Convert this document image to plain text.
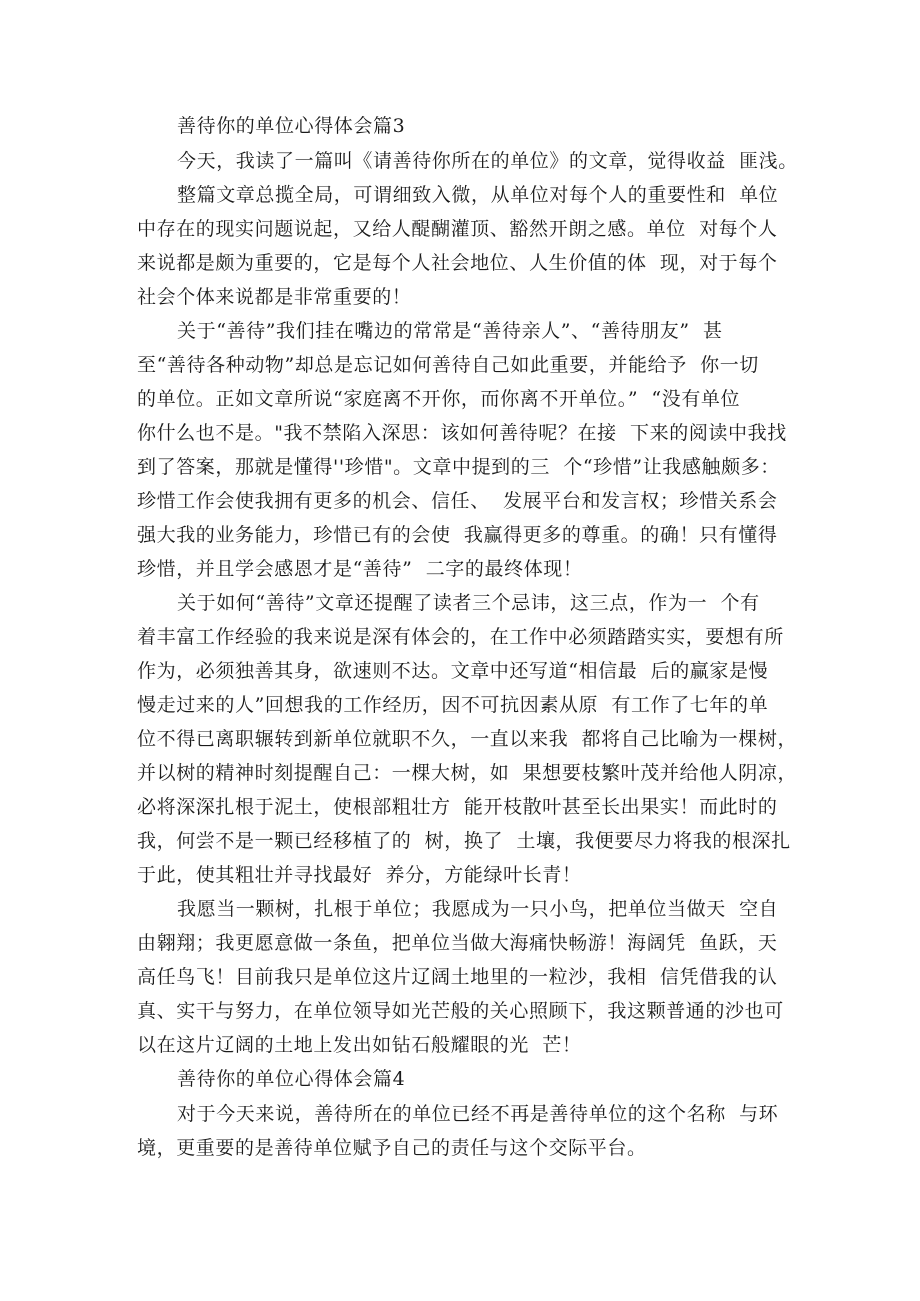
善待你的单位心得体会篇3
今天，我读了一篇叫《请善待你所在的单位》的文章，觉得收益  匪浅。
整篇文章总揽全局，可谓细致入微，从单位对每个人的重要性和  单位
中存在的现实问题说起，又给人醍醐灌顶、豁然开朗之感。单位  对每个人
来说都是颇为重要的，它是每个人社会地位、人生价值的体  现，对于每个
社会个体来说都是非常重要的！
关于“善待”我们挂在嘴边的常常是“善待亲人”、“善待朋友”  甚
至“善待各种动物”却总是忘记如何善待自己如此重要，并能给予  你一切
的单位。正如文章所说“家庭离不开你，而你离不开单位。”  “没有单位
你什么也不是。"我不禁陷入深思：该如何善待呢？在接  下来的阅读中我找
到了答案，那就是懂得''珍惜"。文章中提到的三  个“珍惜”让我感触颇多：
珍惜工作会使我拥有更多的机会、信任、  发展平台和发言权；珍惜关系会
强大我的业务能力，珍惜已有的会使  我赢得更多的尊重。的确！只有懂得
珍惜，并且学会感恩才是“善待”  二字的最终体现！
关于如何“善待”文章还提醒了读者三个忌讳，这三点，作为一  个有
着丰富工作经验的我来说是深有体会的，在工作中必须踏踏实实，要想有所
作为，必须独善其身，欲速则不达。文章中还写道“相信最  后的赢家是慢
慢走过来的人”回想我的工作经历，因不可抗因素从原  有工作了七年的单
位不得已离职辗转到新单位就职不久，一直以来我  都将自己比喻为一棵树，
并以树的精神时刻提醒自己：一棵大树，如  果想要枝繁叶茂并给他人阴凉，
必将深深扎根于泥土，使根部粗壮方  能开枝散叶甚至长出果实！而此时的
我，何尝不是一颗已经移植了的  树，换了  土壤，我便要尽力将我的根深扎
于此，使其粗壮并寻找最好  养分，方能绿叶长青！
我愿当一颗树，扎根于单位；我愿成为一只小鸟，把单位当做天  空自
由翱翔；我更愿意做一条鱼，把单位当做大海痛快畅游！海阔凭  鱼跃，天
高任鸟飞！目前我只是单位这片辽阔土地里的一粒沙，我相  信凭借我的认
真、实干与努力，在单位领导如光芒般的关心照顾下，我这颗普通的沙也可
以在这片辽阔的土地上发出如钻石般耀眼的光  芒！
善待你的单位心得体会篇4
对于今天来说，善待所在的单位已经不再是善待单位的这个名称  与环
境，更重要的是善待单位赋予自己的责任与这个交际平台。
